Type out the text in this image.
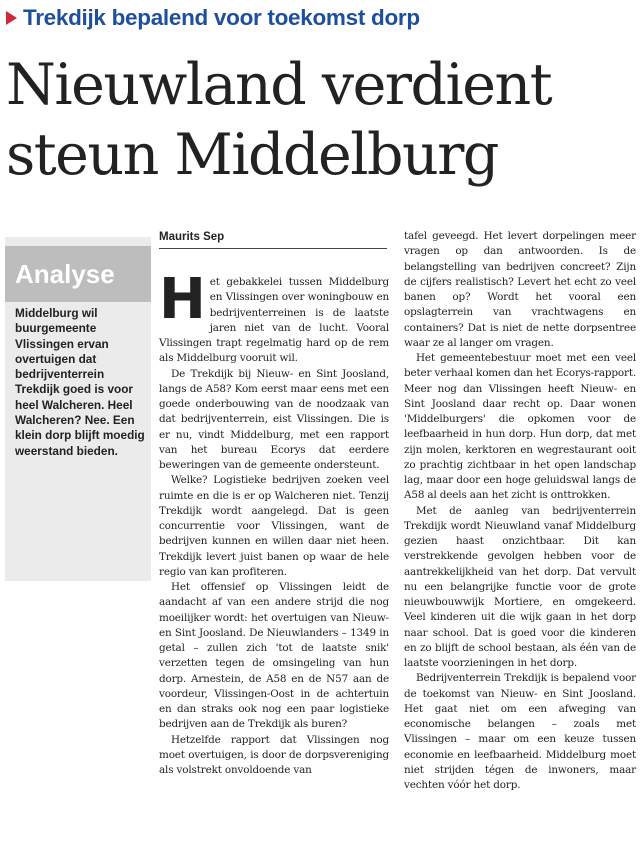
Trekdijk bepalend voor toekomst dorp
Nieuwland verdient steun Middelburg
Analyse
Middelburg wil buurgemeente Vlissingen ervan overtuigen dat bedrijventerrein Trekdijk goed is voor heel Walcheren. Heel Walcheren? Nee. Een klein dorp blijft moedig weerstand bieden.
Maurits Sep

Het gebakkelei tussen Middelburg en Vlissingen over woningbouw en bedrijventerreinen is de laatste jaren niet van de lucht. Vooral Vlissingen trapt regelmatig hard op de rem als Middelburg vooruit wil.

De Trekdijk bij Nieuw- en Sint Joosland, langs de A58? Kom eerst maar eens met een goede onderbouwing van de noodzaak van dat bedrijventerrein, eist Vlissingen. Die is er nu, vindt Middelburg, met een rapport van het bureau Ecorys dat eerdere beweringen van de gemeente ondersteunt.

Welke? Logistieke bedrijven zoeken veel ruimte en die is er op Walcheren niet. Tenzij Trekdijk wordt aangelegd. Dat is geen concurrentie voor Vlissingen, want de bedrijven kunnen en willen daar niet heen. Trekdijk levert juist banen op waar de hele regio van kan profiteren.

Het offensief op Vlissingen leidt de aandacht af van een andere strijd die nog moeilijker wordt: het overtuigen van Nieuw- en Sint Joosland. De Nieuwlanders – 1349 in getal – zullen zich 'tot de laatste snik' verzetten tegen de omsingeling van hun dorp. Arnestein, de A58 en de N57 aan de voordeur, Vlissingen-Oost in de achtertuin en dan straks ook nog een paar logistieke bedrijven aan de Trekdijk als buren?

Hetzelfde rapport dat Vlissingen nog moet overtuigen, is door de dorpsvereniging als volstrekt onvoldoende van

tafel geveegd. Het levert dorpelingen meer vragen op dan antwoorden. Is de belangstelling van bedrijven concreet? Zijn de cijfers realistisch? Levert het echt zo veel banen op? Wordt het vooral een opslagterrein van vrachtwagens en containers? Dat is niet de nette dorpsentree waar ze al langer om vragen.

Het gemeentebestuur moet met een veel beter verhaal komen dan het Ecorys-rapport. Meer nog dan Vlissingen heeft Nieuw- en Sint Joosland daar recht op. Daar wonen 'Middelburgers' die opkomen voor de leefbaarheid in hun dorp. Hun dorp, dat met zijn molen, kerktoren en wegrestaurant ooit zo prachtig zichtbaar in het open landschap lag, maar door een hoge geluidswal langs de A58 al deels aan het zicht is onttrokken.

Met de aanleg van bedrijventerrein Trekdijk wordt Nieuwland vanaf Middelburg gezien haast onzichtbaar. Dit kan verstrekkende gevolgen hebben voor de aantrekkelijkheid van het dorp. Dat vervult nu een belangrijke functie voor de grote nieuwbouwwijk Mortiere, en omgekeerd. Veel kinderen uit die wijk gaan in het dorp naar school. Dat is goed voor die kinderen en zo blijft de school bestaan, als één van de laatste voorzieningen in het dorp.

Bedrijventerrein Trekdijk is bepalend voor de toekomst van Nieuw- en Sint Joosland. Het gaat niet om een afweging van economische belangen – zoals met Vlissingen – maar om een keuze tussen economie en leefbaarheid. Middelburg moet niet strijden tégen de inwoners, maar vechten vóór het dorp.
